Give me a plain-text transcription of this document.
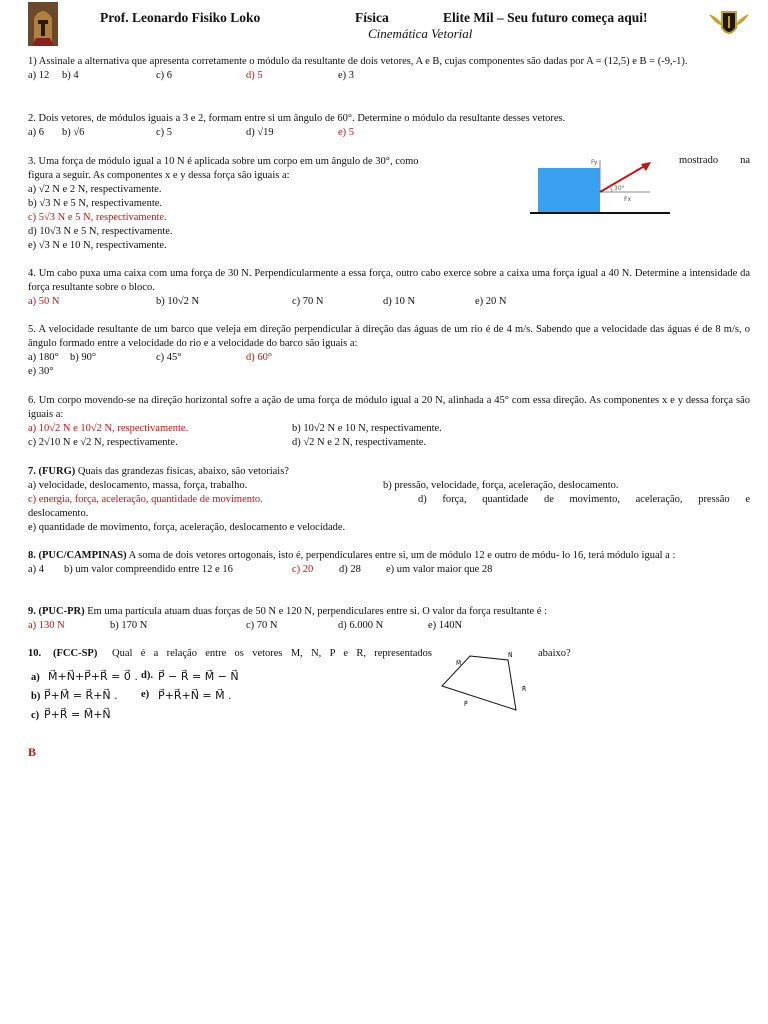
Prof. Leonardo Fisiko Loko	Física	Elite Mil – Seu futuro começa aqui!
Cinemática Vetorial
1) Assinale a alternativa que apresenta corretamente o módulo da resultante de dois vetores, A e B, cujas componentes são dadas por A = (12,5) e B = (-9,-1).
a) 12 b) 4	c) 6	d) 5	e) 3
2. Dois vetores, de módulos iguais a 3 e 2, formam entre si um ângulo de 60°. Determine o módulo da resultante desses vetores.
a) 6 b) √6	c) 5	d) √19	e) 5
3. Uma força de módulo igual a 10 N é aplicada sobre um corpo em um ângulo de 30°, como
figura a seguir. As componentes x e y dessa força são iguais a:
a) √2 N e 2 N, respectivamente.
b) √3 N e 5 N, respectivamente.
c) 5√3 N e 5 N, respectivamente.
d) 10√3 N e 5 N, respectivamente.
e) √3 N e 10 N, respectivamente.
mostrado na
Fy
Fx
30°
4. Um cabo puxa uma caixa com uma força de 30 N. Perpendicularmente a essa força, outro cabo exerce sobre a caixa uma força igual a 40 N. Determine a intensidade da força resultante sobre o bloco.
a) 50 N	b) 10√2 N	c) 70 N	d) 10 N	e) 20 N
5. A velocidade resultante de um barco que veleja em direção perpendicular à direção das águas de um rio é de 4 m/s. Sabendo que a velocidade das águas é de 8 m/s, o ângulo formado entre a velocidade do rio e a velocidade do barco são iguais a:
a) 180° b) 90°	c) 45°	d) 60°
e) 30°
6. Um corpo movendo-se na direção horizontal sofre a ação de uma força de módulo igual a 20 N, alinhada a 45° com essa direção. As componentes x e y dessa força são iguais a:
a) 10√2 N e 10√2 N, respectivamente.	b) 10√2 N e 10 N, respectivamente.
c) 2√10 N e √2 N, respectivamente.	d) √2 N e 2 N, respectivamente.
7. (FURG) Quais das grandezas físicas, abaixo, são vetoriais?
a) velocidade, deslocamento, massa, força, trabalho.	b) pressão, velocidade, força, aceleração, deslocamento.
c) energia, força, aceleração, quantidade de movimento.	d) força, quantidade de movimento, aceleração, pressão e
deslocamento.
e) quantidade de movimento, força, aceleração, deslocamento e velocidade.
8. (PUC/CAMPINAS) A soma de dois vetores ortogonais, isto é, perpendiculares entre si, um de módulo 12 e outro de módu- lo 16, terá módulo igual a :
a) 4 b) um valor compreendido entre 12 e 16	c) 20 d) 28 e) um valor maior que 28
9. (PUC-PR) Em uma partícula atuam duas forças de 50 N e 120 N, perpendiculares entre si. O valor da força resultante é :
a) 130 N	b) 170 N	c) 70 N	d) 6.000 N	e) 140N
10. (FCC-SP) Qual é a relação entre os vetores M, N, P e R, representados	abaixo?
a) M⃗+N⃗+P⃗+R⃗ = 0⃗ . d). P⃗ − R⃗ = M⃗ − N⃗
b) P⃗+M⃗ = R⃗+N⃗ . e) P⃗+R⃗+N⃗ = M⃗ .
c) P⃗+R⃗ = M⃗+N⃗
M⃗
N⃗
R⃗
P⃗
B
